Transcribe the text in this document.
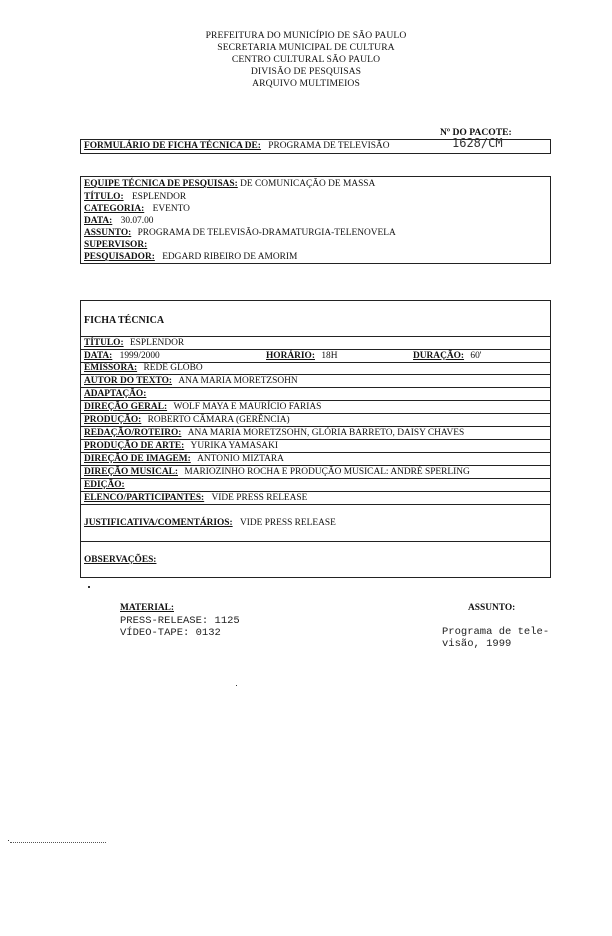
PREFEITURA DO MUNICÍPIO DE SÃO PAULO
SECRETARIA MUNICIPAL DE CULTURA
CENTRO CULTURAL SÃO PAULO
DIVISÃO DE PESQUISAS
ARQUIVO MULTIMEIOS
Nº DO PACOTE:
FORMULÁRIO DE FICHA TÉCNICA DE: PROGRAMA DE TELEVISÃO	1628/CM
EQUIPE TÉCNICA DE PESQUISAS: DE COMUNICAÇÃO DE MASSA
TÍTULO: ESPLENDOR
CATEGORIA: EVENTO
DATA: 30.07.00
ASSUNTO: PROGRAMA DE TELEVISÃO-DRAMATURGIA-TELENOVELA
SUPERVISOR:
PESQUISADOR: EDGARD RIBEIRO DE AMORIM
FICHA TÉCNICA
TÍTULO: ESPLENDOR
DATA: 1999/2000	HORÁRIO: 18H	DURAÇÃO: 60'
EMISSORA: REDE GLOBO
AUTOR DO TEXTO: ANA MARIA MORETZSOHN
ADAPTAÇÃO:
DIREÇÃO GERAL: WOLF MAYA E MAURÍCIO FARIAS
PRODUÇÃO: ROBERTO CÂMARA (GERÊNCIA)
REDAÇÃO/ROTEIRO: ANA MARIA MORETZSOHN, GLÓRIA BARRETO, DAISY CHAVES
PRODUÇÃO DE ARTE: YURIKA YAMASAKI
DIREÇÃO DE IMAGEM: ANTONIO MIZTARA
DIREÇÃO MUSICAL: MARIOZINHO ROCHA E PRODUÇÃO MUSICAL: ANDRÉ SPERLING
EDIÇÃO:
ELENCO/PARTICIPANTES: VIDE PRESS RELEASE
JUSTIFICATIVA/COMENTÁRIOS: VIDE PRESS RELEASE
OBSERVAÇÕES:
MATERIAL:
PRESS-RELEASE: 1125
VÍDEO-TAPE: 0132
ASSUNTO:
Programa de tele-
visão, 1999
